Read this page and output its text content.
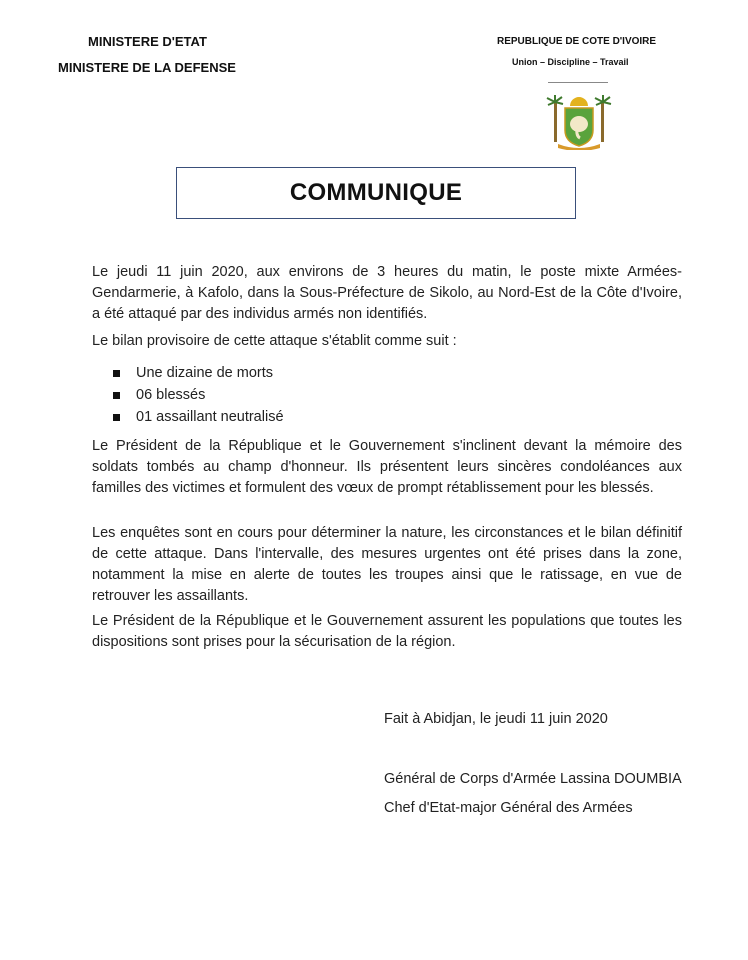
MINISTERE D'ETAT
MINISTERE DE LA DEFENSE
REPUBLIQUE DE COTE D'IVOIRE
Union – Discipline – Travail
COMMUNIQUE
Le jeudi 11 juin 2020, aux environs de 3 heures du matin, le poste mixte Armées-Gendarmerie, à Kafolo, dans la Sous-Préfecture de Sikolo, au Nord-Est de la Côte d'Ivoire, a été attaqué par des individus armés non identifiés.
Le bilan provisoire de cette attaque s'établit comme suit :
Une dizaine de morts
06 blessés
01 assaillant neutralisé
Le Président de la République et le Gouvernement s'inclinent devant la mémoire des soldats tombés au champ d'honneur. Ils présentent leurs sincères condoléances aux familles des victimes et formulent des vœux de prompt rétablissement pour les blessés.
Les enquêtes sont en cours pour déterminer la nature, les circonstances et le bilan définitif de cette attaque. Dans l'intervalle, des mesures urgentes ont été prises dans la zone, notamment la mise en alerte de toutes les troupes ainsi que le ratissage, en vue de retrouver les assaillants.
Le Président de la République et le Gouvernement assurent les populations que toutes les dispositions sont prises pour la sécurisation de la région.
Fait à Abidjan, le jeudi 11 juin 2020
Général de Corps d'Armée Lassina DOUMBIA
Chef d'Etat-major Général des Armées
